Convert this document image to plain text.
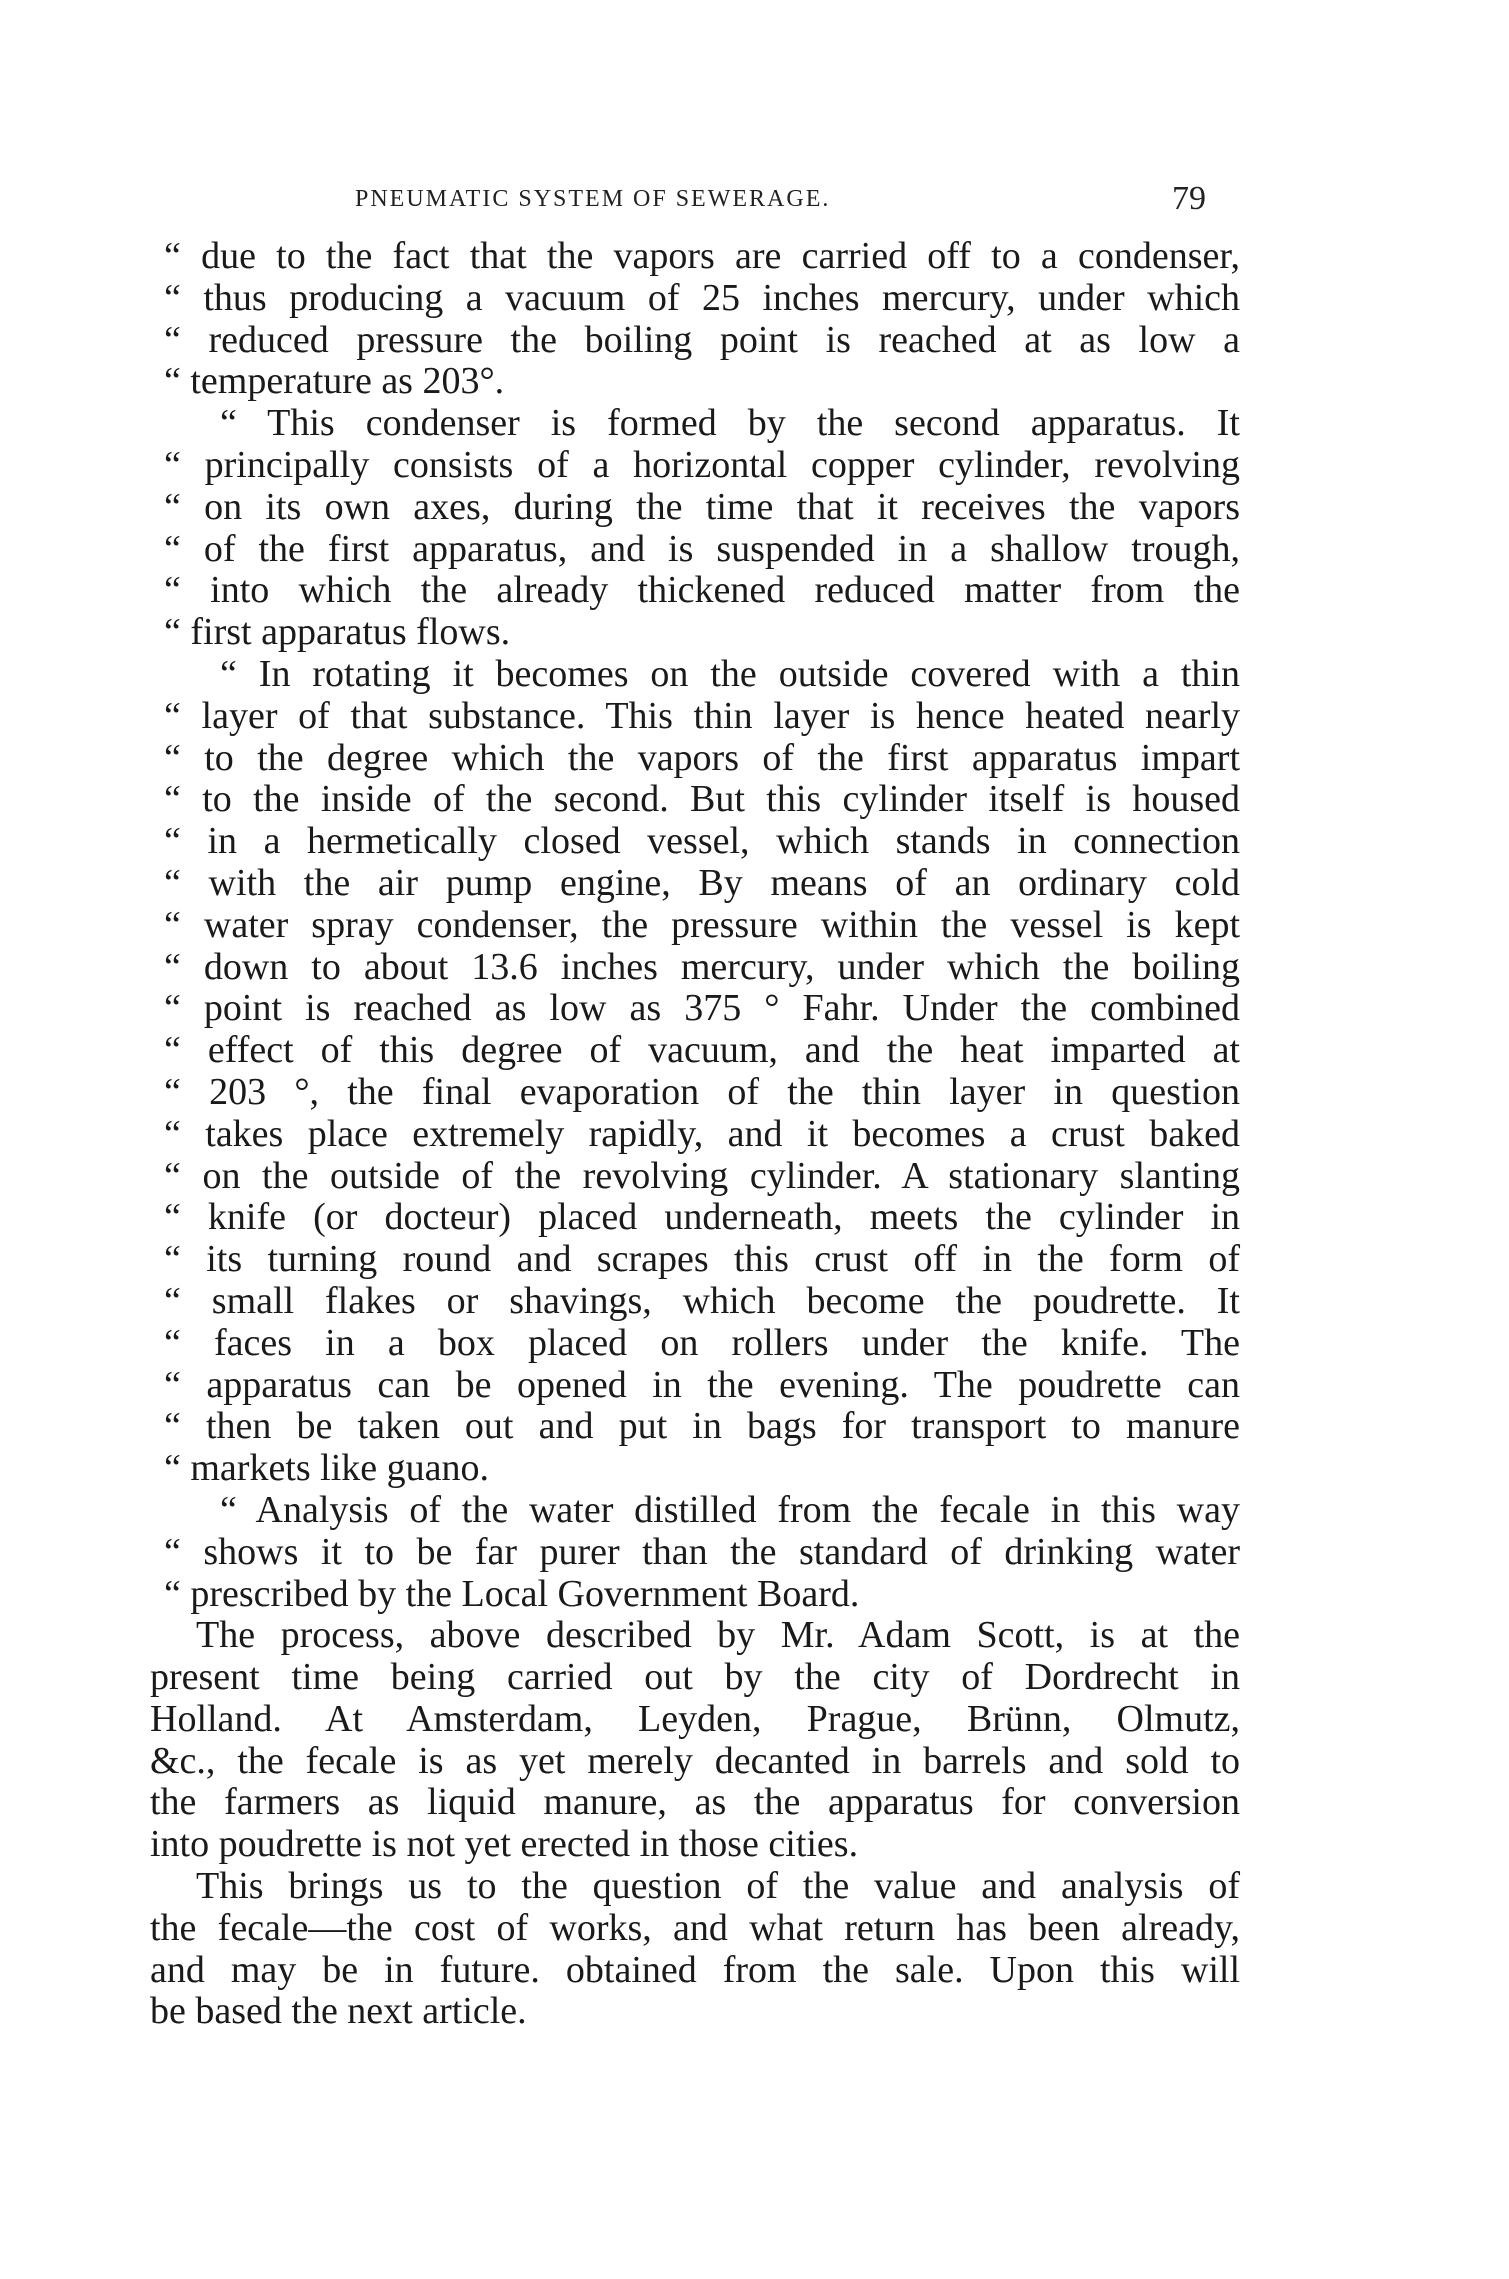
PNEUMATIC SYSTEM OF SEWERAGE.	79
“ due to the fact that the vapors are carried off to a condenser,
“ thus producing a vacuum of 25 inches mercury, under which
“ reduced pressure the boiling point is reached at as low a
“ temperature as 203°.
“ This condenser is formed by the second apparatus. It
“ principally consists of a horizontal copper cylinder, revolving
“ on its own axes, during the time that it receives the vapors
“ of the first apparatus, and is suspended in a shallow trough,
“ into which the already thickened reduced matter from the
“ first apparatus flows.
“ In rotating it becomes on the outside covered with a thin
“ layer of that substance. This thin layer is hence heated nearly
“ to the degree which the vapors of the first apparatus impart
“ to the inside of the second. But this cylinder itself is housed
“ in a hermetically closed vessel, which stands in connection
“ with the air pump engine, By means of an ordinary cold
“ water spray condenser, the pressure within the vessel is kept
“ down to about 13.6 inches mercury, under which the boiling
“ point is reached as low as 375 ° Fahr. Under the combined
“ effect of this degree of vacuum, and the heat imparted at
“ 203 °, the final evaporation of the thin layer in question
“ takes place extremely rapidly, and it becomes a crust baked
“ on the outside of the revolving cylinder. A stationary slanting
“ knife (or docteur) placed underneath, meets the cylinder in
“ its turning round and scrapes this crust off in the form of
“ small flakes or shavings, which become the poudrette. It
“ faces in a box placed on rollers under the knife. The
“ apparatus can be opened in the evening. The poudrette can
“ then be taken out and put in bags for transport to manure
“ markets like guano.
“ Analysis of the water distilled from the fecale in this way
“ shows it to be far purer than the standard of drinking water
“ prescribed by the Local Government Board.
The process, above described by Mr. Adam Scott, is at the
present time being carried out by the city of Dordrecht in
Holland. At Amsterdam, Leyden, Prague, Brünn, Olmutz,
&c., the fecale is as yet merely decanted in barrels and sold to
the farmers as liquid manure, as the apparatus for conversion
into poudrette is not yet erected in those cities.
This brings us to the question of the value and analysis of
the fecale—the cost of works, and what return has been already,
and may be in future. obtained from the sale. Upon this will
be based the next article.
